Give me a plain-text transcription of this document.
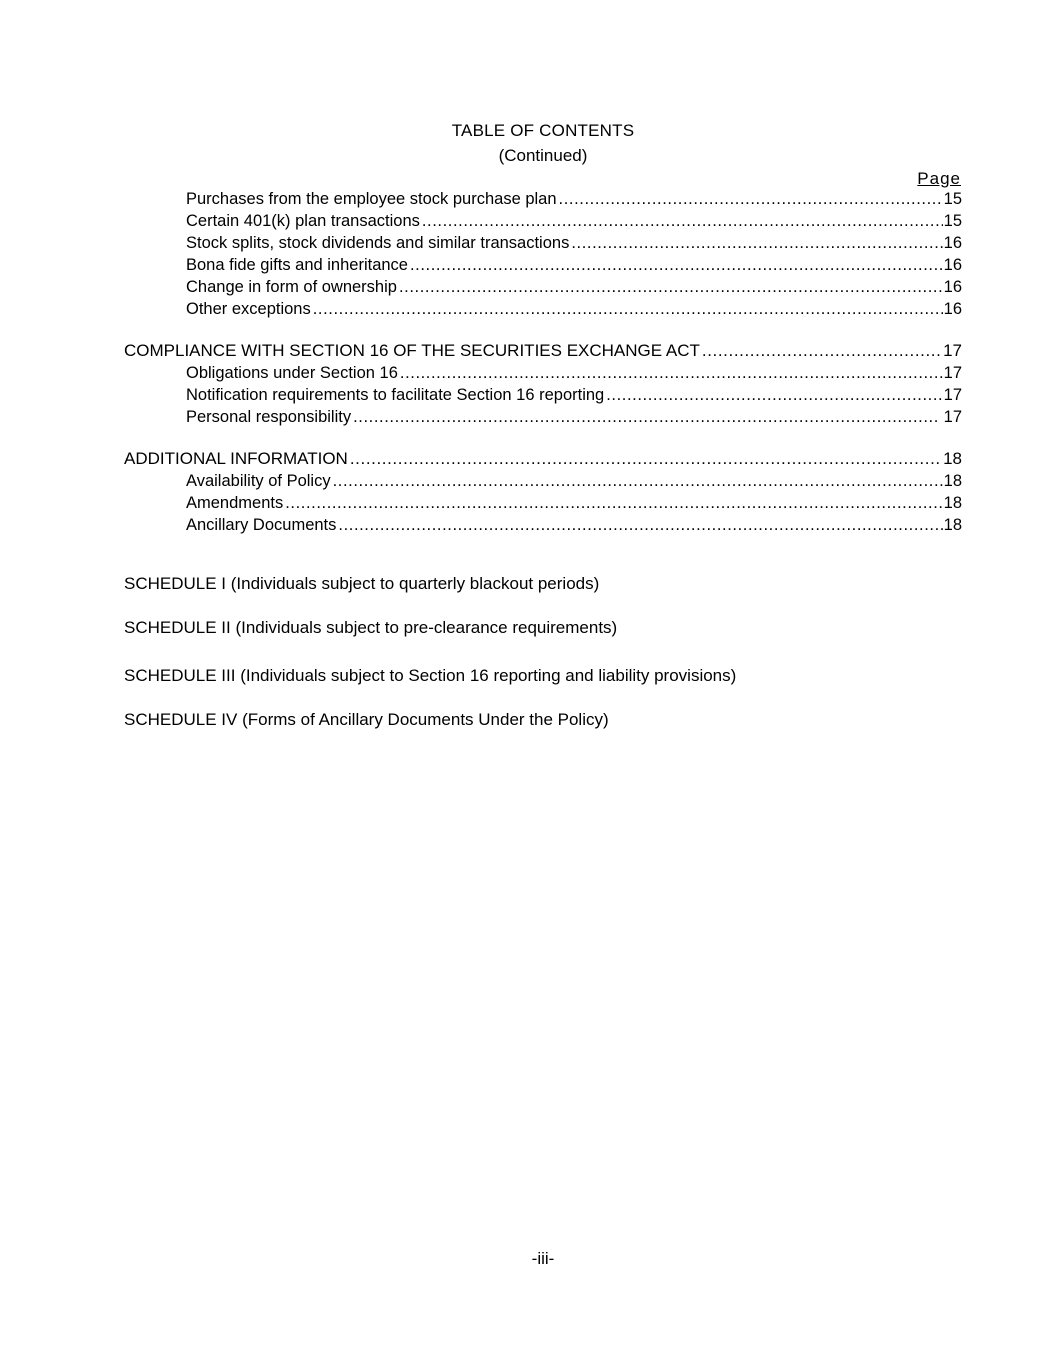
TABLE OF CONTENTS
(Continued)
Page
Purchases from the employee stock purchase plan .....	15
Certain 401(k) plan transactions .....	15
Stock splits, stock dividends and similar transactions .....	16
Bona fide gifts and inheritance .....	16
Change in form of ownership .....	16
Other exceptions .....	16
COMPLIANCE WITH SECTION 16 OF THE SECURITIES EXCHANGE ACT .....	17
Obligations under Section 16 .....	17
Notification requirements to facilitate Section 16 reporting .....	17
Personal responsibility .....	17
ADDITIONAL INFORMATION .....	18
Availability of Policy .....	18
Amendments .....	18
Ancillary Documents .....	18
SCHEDULE I (Individuals subject to quarterly blackout periods)
SCHEDULE II (Individuals subject to pre-clearance requirements)
SCHEDULE III (Individuals subject to Section 16 reporting and liability provisions)
SCHEDULE IV (Forms of Ancillary Documents Under the Policy)
-iii-
